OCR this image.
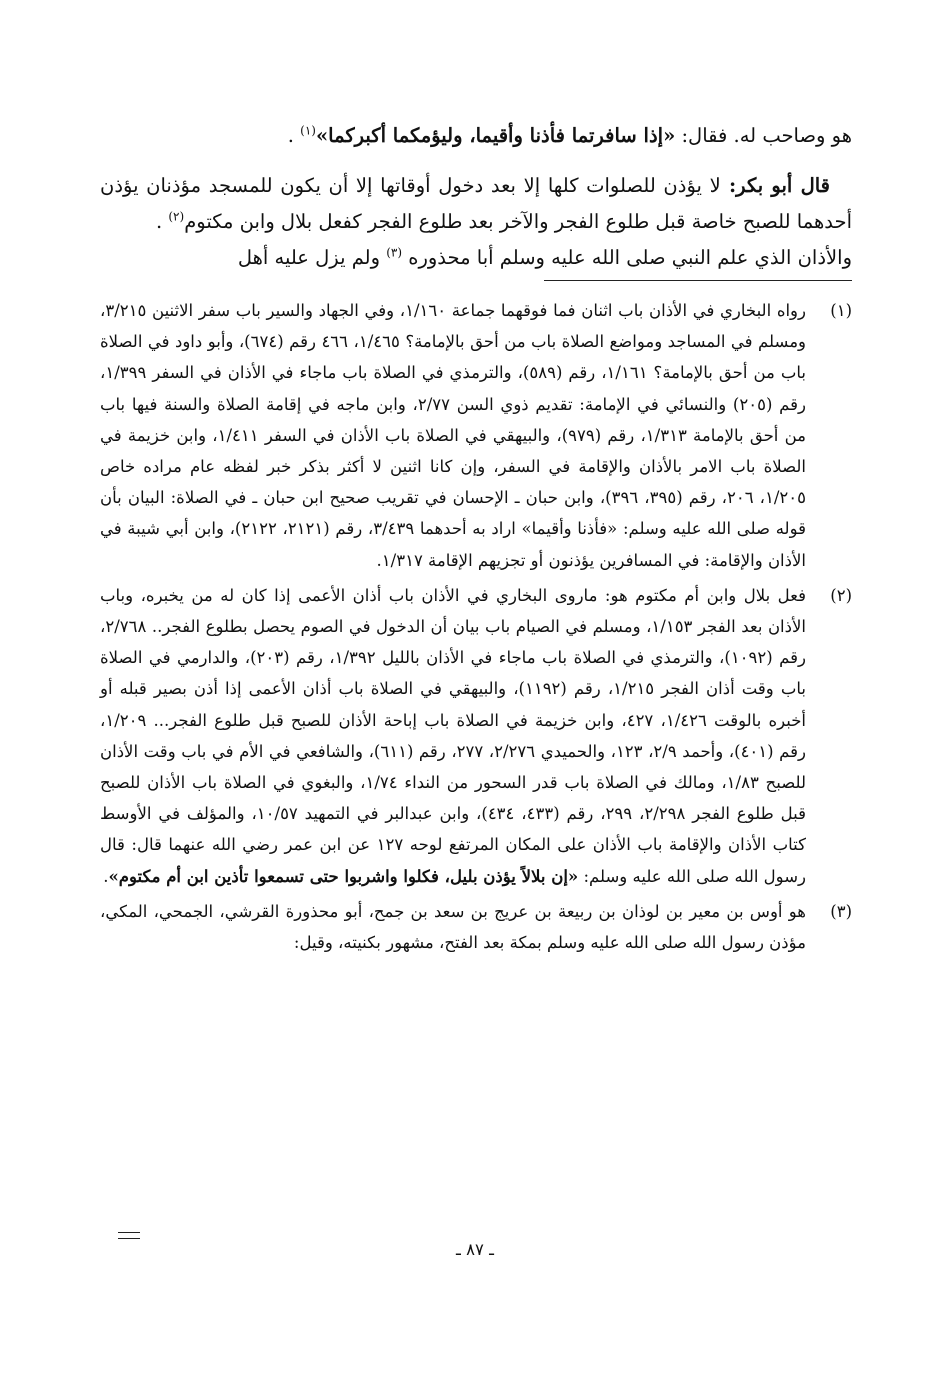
هو وصاحب له. فقال: «إذا سافرتما فأذنا وأقيما، وليؤمكما أكبركما»$^{(١)}$ .

قال أبو بكر: لا يؤذن للصلوات كلها إلا بعد دخول أوقاتها إلا أن يكون للمسجد مؤذنان يؤذن أحدهما للصبح خاصة قبل طلوع الفجر والآخر بعد طلوع الفجر كفعل بلال وابن مكتوم$^{(٢)}$ .

والأذان الذي علم النبي صلى الله عليه وسلم أبا محذوره $^{(٣)}$ ولم يزل عليه أهل

(١)
رواه البخاري في الأذان باب اثنان فما فوقهما جماعة ١/١٦٠، وفي الجهاد والسير باب سفر الاثنين ٣/٢١٥، ومسلم في المساجد ومواضع الصلاة باب من أحق بالإمامة؟ ١/٤٦٥، ٤٦٦ رقم (٦٧٤)، وأبو داود في الصلاة باب من أحق بالإمامة؟ ١/١٦١، رقم (٥٨٩)، والترمذي في الصلاة باب ماجاء في الأذان في السفر ١/٣٩٩، رقم (٢٠٥) والنسائي في الإمامة: تقديم ذوي السن ٢/٧٧، وابن ماجه في إقامة الصلاة والسنة فيها باب من أحق بالإمامة ١/٣١٣، رقم (٩٧٩)، والبيهقي في الصلاة باب الأذان في السفر ١/٤١١، وابن خزيمة في الصلاة باب الامر بالأذان والإقامة في السفر، وإن كانا اثنين لا أكثر بذكر خبر لفظه عام مراده خاص ١/٢٠٥، ٢٠٦، رقم (٣٩٥، ٣٩٦)، وابن حبان ـ الإحسان في تقريب صحيح ابن حبان ـ في الصلاة: البيان بأن قوله صلى الله عليه وسلم: «فأذنا وأقيما» اراد به أحدهما ٣/٤٣٩، رقم (٢١٢١، ٢١٢٢)، وابن أبي شيبة في الأذان والإقامة: في المسافرين يؤذنون أو تجزيهم الإقامة ١/٣١٧.
(٢)
فعل بلال وابن أم مكتوم هو: ماروى البخاري في الأذان باب أذان الأعمى إذا كان له من يخبره، وباب الأذان بعد الفجر ١/١٥٣، ومسلم في الصيام باب بيان أن الدخول في الصوم يحصل بطلوع الفجر.. ٢/٧٦٨، رقم (١٠٩٢)، والترمذي في الصلاة باب ماجاء في الأذان بالليل ١/٣٩٢، رقم (٢٠٣)، والدارمي في الصلاة باب وقت أذان الفجر ١/٢١٥، رقم (١١٩٢)، والبيهقي في الصلاة باب أذان الأعمى إذا أذن بصير قبله أو أخبره بالوقت ١/٤٢٦، ٤٢٧، وابن خزيمة في الصلاة باب إباحة الأذان للصبح قبل طلوع الفجر... ١/٢٠٩، رقم (٤٠١)، وأحمد ٢/٩، ١٢٣، والحميدي ٢/٢٧٦، ٢٧٧، رقم (٦١١)، والشافعي في الأم في باب وقت الأذان للصبح ١/٨٣، ومالك في الصلاة باب قدر السحور من النداء ١/٧٤، والبغوي في الصلاة باب الأذان للصبح قبل طلوع الفجر ٢/٢٩٨، ٢٩٩، رقم (٤٣٣، ٤٣٤)، وابن عبدالبر في التمهيد ١٠/٥٧، والمؤلف في الأوسط كتاب الأذان والإقامة باب الأذان على المكان المرتفع لوحه ١٢٧ عن ابن عمر رضي الله عنهما قال: قال رسول الله صلى الله عليه وسلم: «إن بلالاً يؤذن بليل، فكلوا واشربوا حتى تسمعوا تأذين ابن أم مكتوم».
(٣)
هو أوس بن معير بن لوذان بن ربيعة بن عريج بن سعد بن جمح، أبو محذورة القرشي، الجمحي، المكي، مؤذن رسول الله صلى الله عليه وسلم بمكة بعد الفتح، مشهور بكنيته، وقيل:
ـ ٨٧ ـ
